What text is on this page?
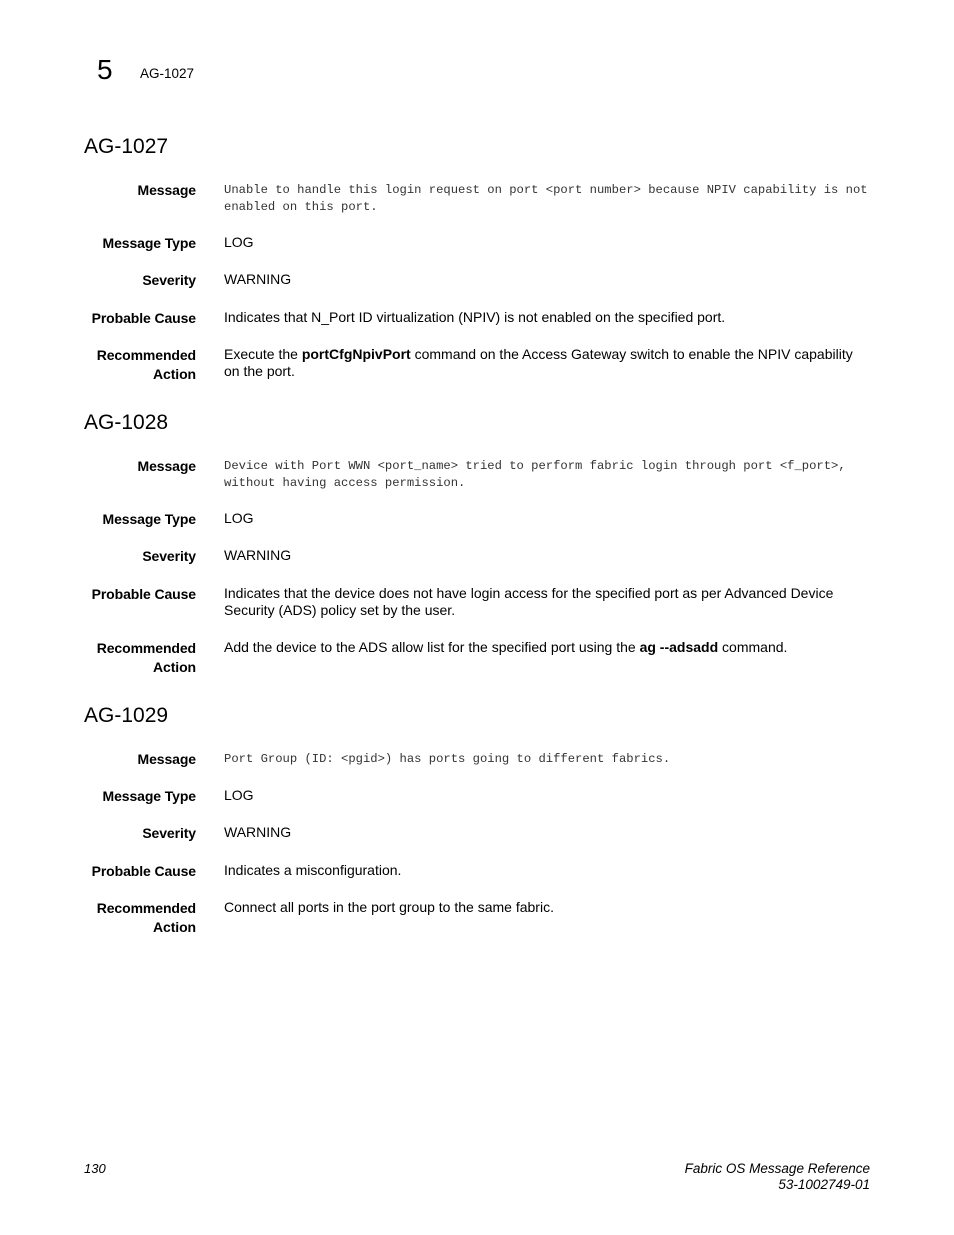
5 AG-1027
AG-1027
Message Unable to handle this login request on port <port number> because NPIV capability is not enabled on this port.
Message Type LOG
Severity WARNING
Probable Cause Indicates that N_Port ID virtualization (NPIV) is not enabled on the specified port.
Recommended
Action
Execute the portCfgNpivPort command on the Access Gateway switch to enable the NPIV capability on the port.
AG-1028
Message Device with Port WWN <port_name> tried to perform fabric login through port <f_port>, without having access permission.
Message Type LOG
Severity WARNING
Probable Cause Indicates that the device does not have login access for the specified port as per Advanced Device Security (ADS) policy set by the user.
Recommended
Action
Add the device to the ADS allow list for the specified port using the ag --adsadd command.
AG-1029
Message Port Group (ID: <pgid>) has ports going to different fabrics.
Message Type LOG
Severity WARNING
Probable Cause Indicates a misconfiguration.
Recommended
Action
Connect all ports in the port group to the same fabric.
130	Fabric OS Message Reference
53-1002749-01
